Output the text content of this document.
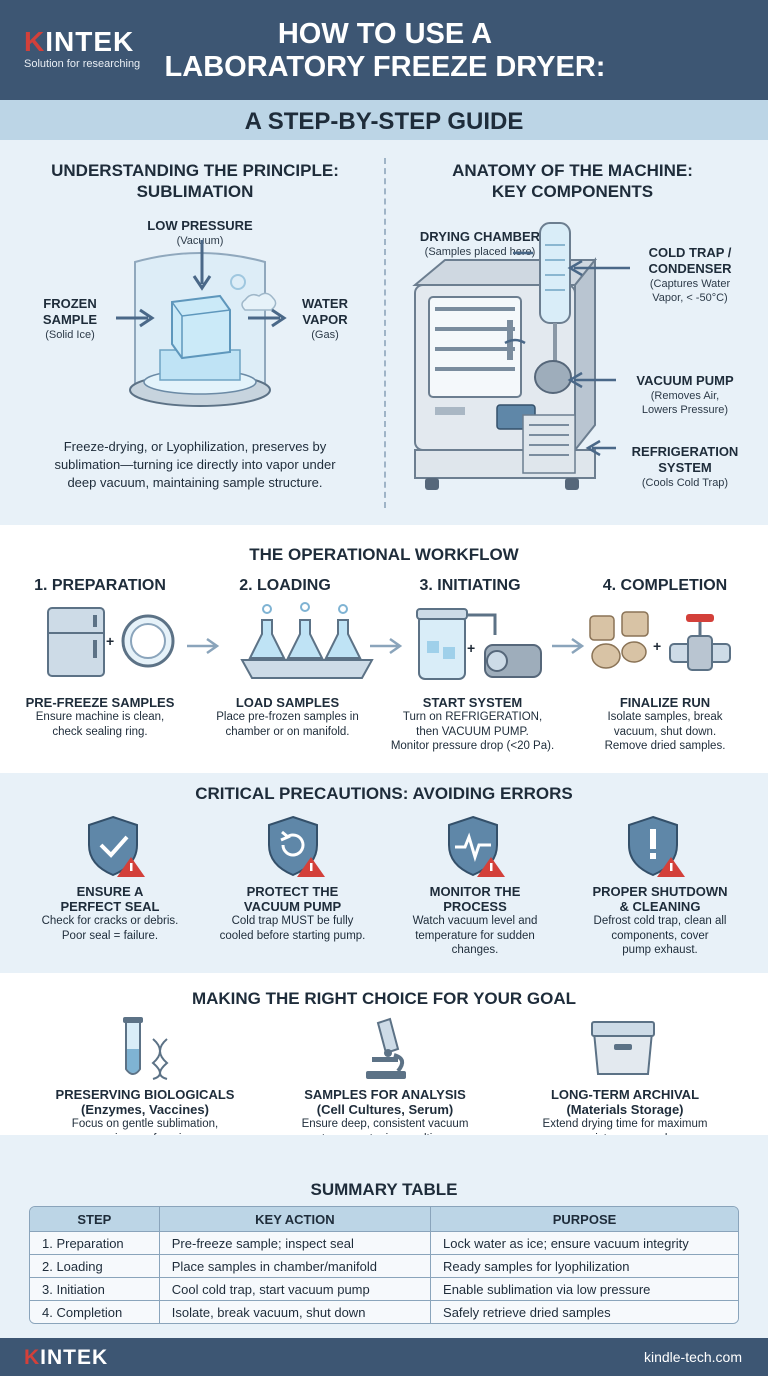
KINTEK
Solution for researching
HOW TO USE A
LABORATORY FREEZE DRYER:
A STEP-BY-STEP GUIDE
UNDERSTANDING THE PRINCIPLE:
SUBLIMATION
LOW PRESSURE
(Vacuum)
FROZEN
SAMPLE
(Solid Ice)
WATER
VAPOR
(Gas)
Freeze-drying, or Lyophilization, preserves by
sublimation—turning ice directly into vapor under
deep vacuum, maintaining sample structure.
ANATOMY OF THE MACHINE:
KEY COMPONENTS
DRYING CHAMBER
(Samples placed here)	COLD TRAP /
CONDENSER
(Captures Water
Vapor, < -50°C)
VACUUM PUMP
(Removes Air,
Lowers Pressure)
REFRIGERATION
SYSTEM
(Cools Cold Trap)
THE OPERATIONAL WORKFLOW
1. PREPARATION	2. LOADING	3. INITIATING	4. COMPLETION
+	+	+
PRE-FREEZE SAMPLES
Ensure machine is clean,
check sealing ring.
LOAD SAMPLES
Place pre-frozen samples in
chamber or on manifold.
START SYSTEM
Turn on REFRIGERATION,
then VACUUM PUMP.
Monitor pressure drop (<20 Pa).
FINALIZE RUN
Isolate samples, break
vacuum, shut down.
Remove dried samples.
CRITICAL PRECAUTIONS: AVOIDING ERRORS
ENSURE A
PERFECT SEAL
Check for cracks or debris.
Poor seal = failure.
PROTECT THE
VACUUM PUMP
Cold trap MUST be fully
cooled before starting pump.
MONITOR THE
PROCESS
Watch vacuum level and
temperature for sudden
changes.
PROPER SHUTDOWN
& CLEANING
Defrost cold trap, clean all
components, cover
pump exhaust.
MAKING THE RIGHT CHOICE FOR YOUR GOAL
PRESERVING BIOLOGICALS
(Enzymes, Vaccines)
Focus on gentle sublimation,
SAMPLES FOR ANALYSIS
(Cell Cultures, Serum)
Ensure deep, consistent vacuum
LONG-TERM ARCHIVAL
(Materials Storage)
Extend drying time for maximum
SUMMARY TABLE
STEP	KEY ACTION	PURPOSE
1. Preparation	Pre-freeze sample; inspect seal	Lock water as ice; ensure vacuum integrity
2. Loading	Place samples in chamber/manifold	Ready samples for lyophilization
3. Initiation	Cool cold trap, start vacuum pump	Enable sublimation via low pressure
4. Completion	Isolate, break vacuum, shut down	Safely retrieve dried samples
KINTEK	kindle-tech.com
